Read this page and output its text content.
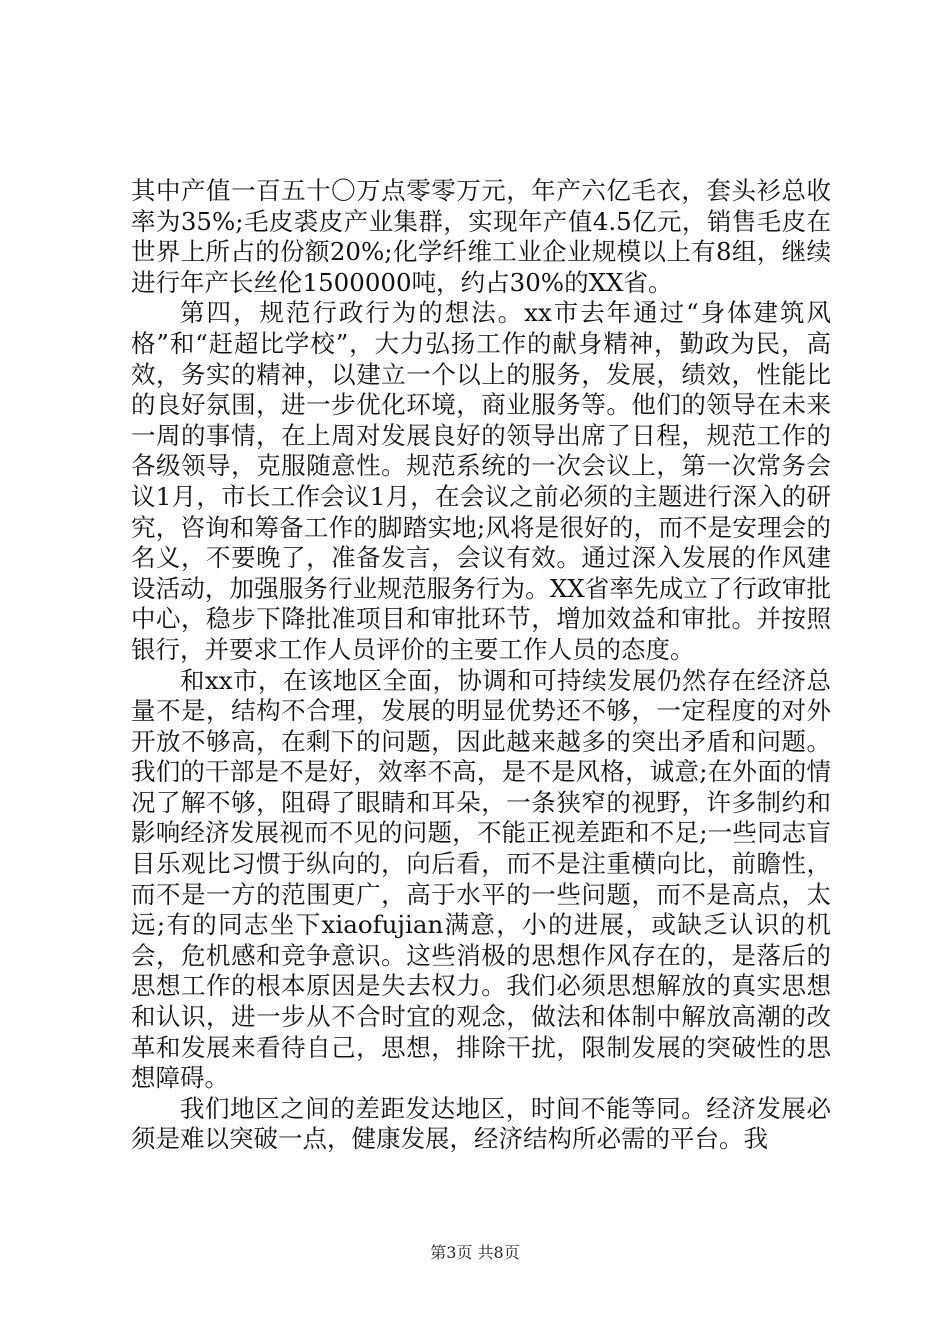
其中产值一百五十〇万点零零万元，年产六亿毛衣，套头衫总收率为35%;毛皮裘皮产业集群，实现年产值4.5亿元，销售毛皮在世界上所占的份额20%;化学纤维工业企业规模以上有8组，继续进行年产长丝伦1500000吨，约占30%的XX省。

第四，规范行政行为的想法。xx市去年通过“身体建筑风格”和“赶超比学校”，大力弘扬工作的献身精神，勤政为民，高效，务实的精神，以建立一个以上的服务，发展，绩效，性能比的良好氛围，进一步优化环境，商业服务等。他们的领导在未来一周的事情，在上周对发展良好的领导出席了日程，规范工作的各级领导，克服随意性。规范系统的一次会议上，第一次常务会议1月，市长工作会议1月，在会议之前必须的主题进行深入的研究，咨询和筹备工作的脚踏实地;风将是很好的，而不是安理会的名义，不要晚了，准备发言，会议有效。通过深入发展的作风建设活动，加强服务行业规范服务行为。XX省率先成立了行政审批中心，稳步下降批准项目和审批环节，增加效益和审批。并按照银行，并要求工作人员评价的主要工作人员的态度。

和xx市，在该地区全面，协调和可持续发展仍然存在经济总量不是，结构不合理，发展的明显优势还不够，一定程度的对外开放不够高，在剩下的问题，因此越来越多的突出矛盾和问题。我们的干部是不是好，效率不高，是不是风格，诚意;在外面的情况了解不够，阻碍了眼睛和耳朵，一条狭窄的视野，许多制约和影响经济发展视而不见的问题，不能正视差距和不足;一些同志盲目乐观比习惯于纵向的，向后看，而不是注重横向比，前瞻性，而不是一方的范围更广，高于水平的一些问题，而不是高点，太远;有的同志坐下xiaofujian满意，小的进展，或缺乏认识的机会，危机感和竞争意识。这些消极的思想作风存在的，是落后的思想工作的根本原因是失去权力。我们必须思想解放的真实思想和认识，进一步从不合时宜的观念，做法和体制中解放高潮的改革和发展来看待自己，思想，排除干扰，限制发展的突破性的思想障碍。

我们地区之间的差距发达地区，时间不能等同。经济发展必须是难以突破一点，健康发展，经济结构所必需的平台。我

第3页 共8页
